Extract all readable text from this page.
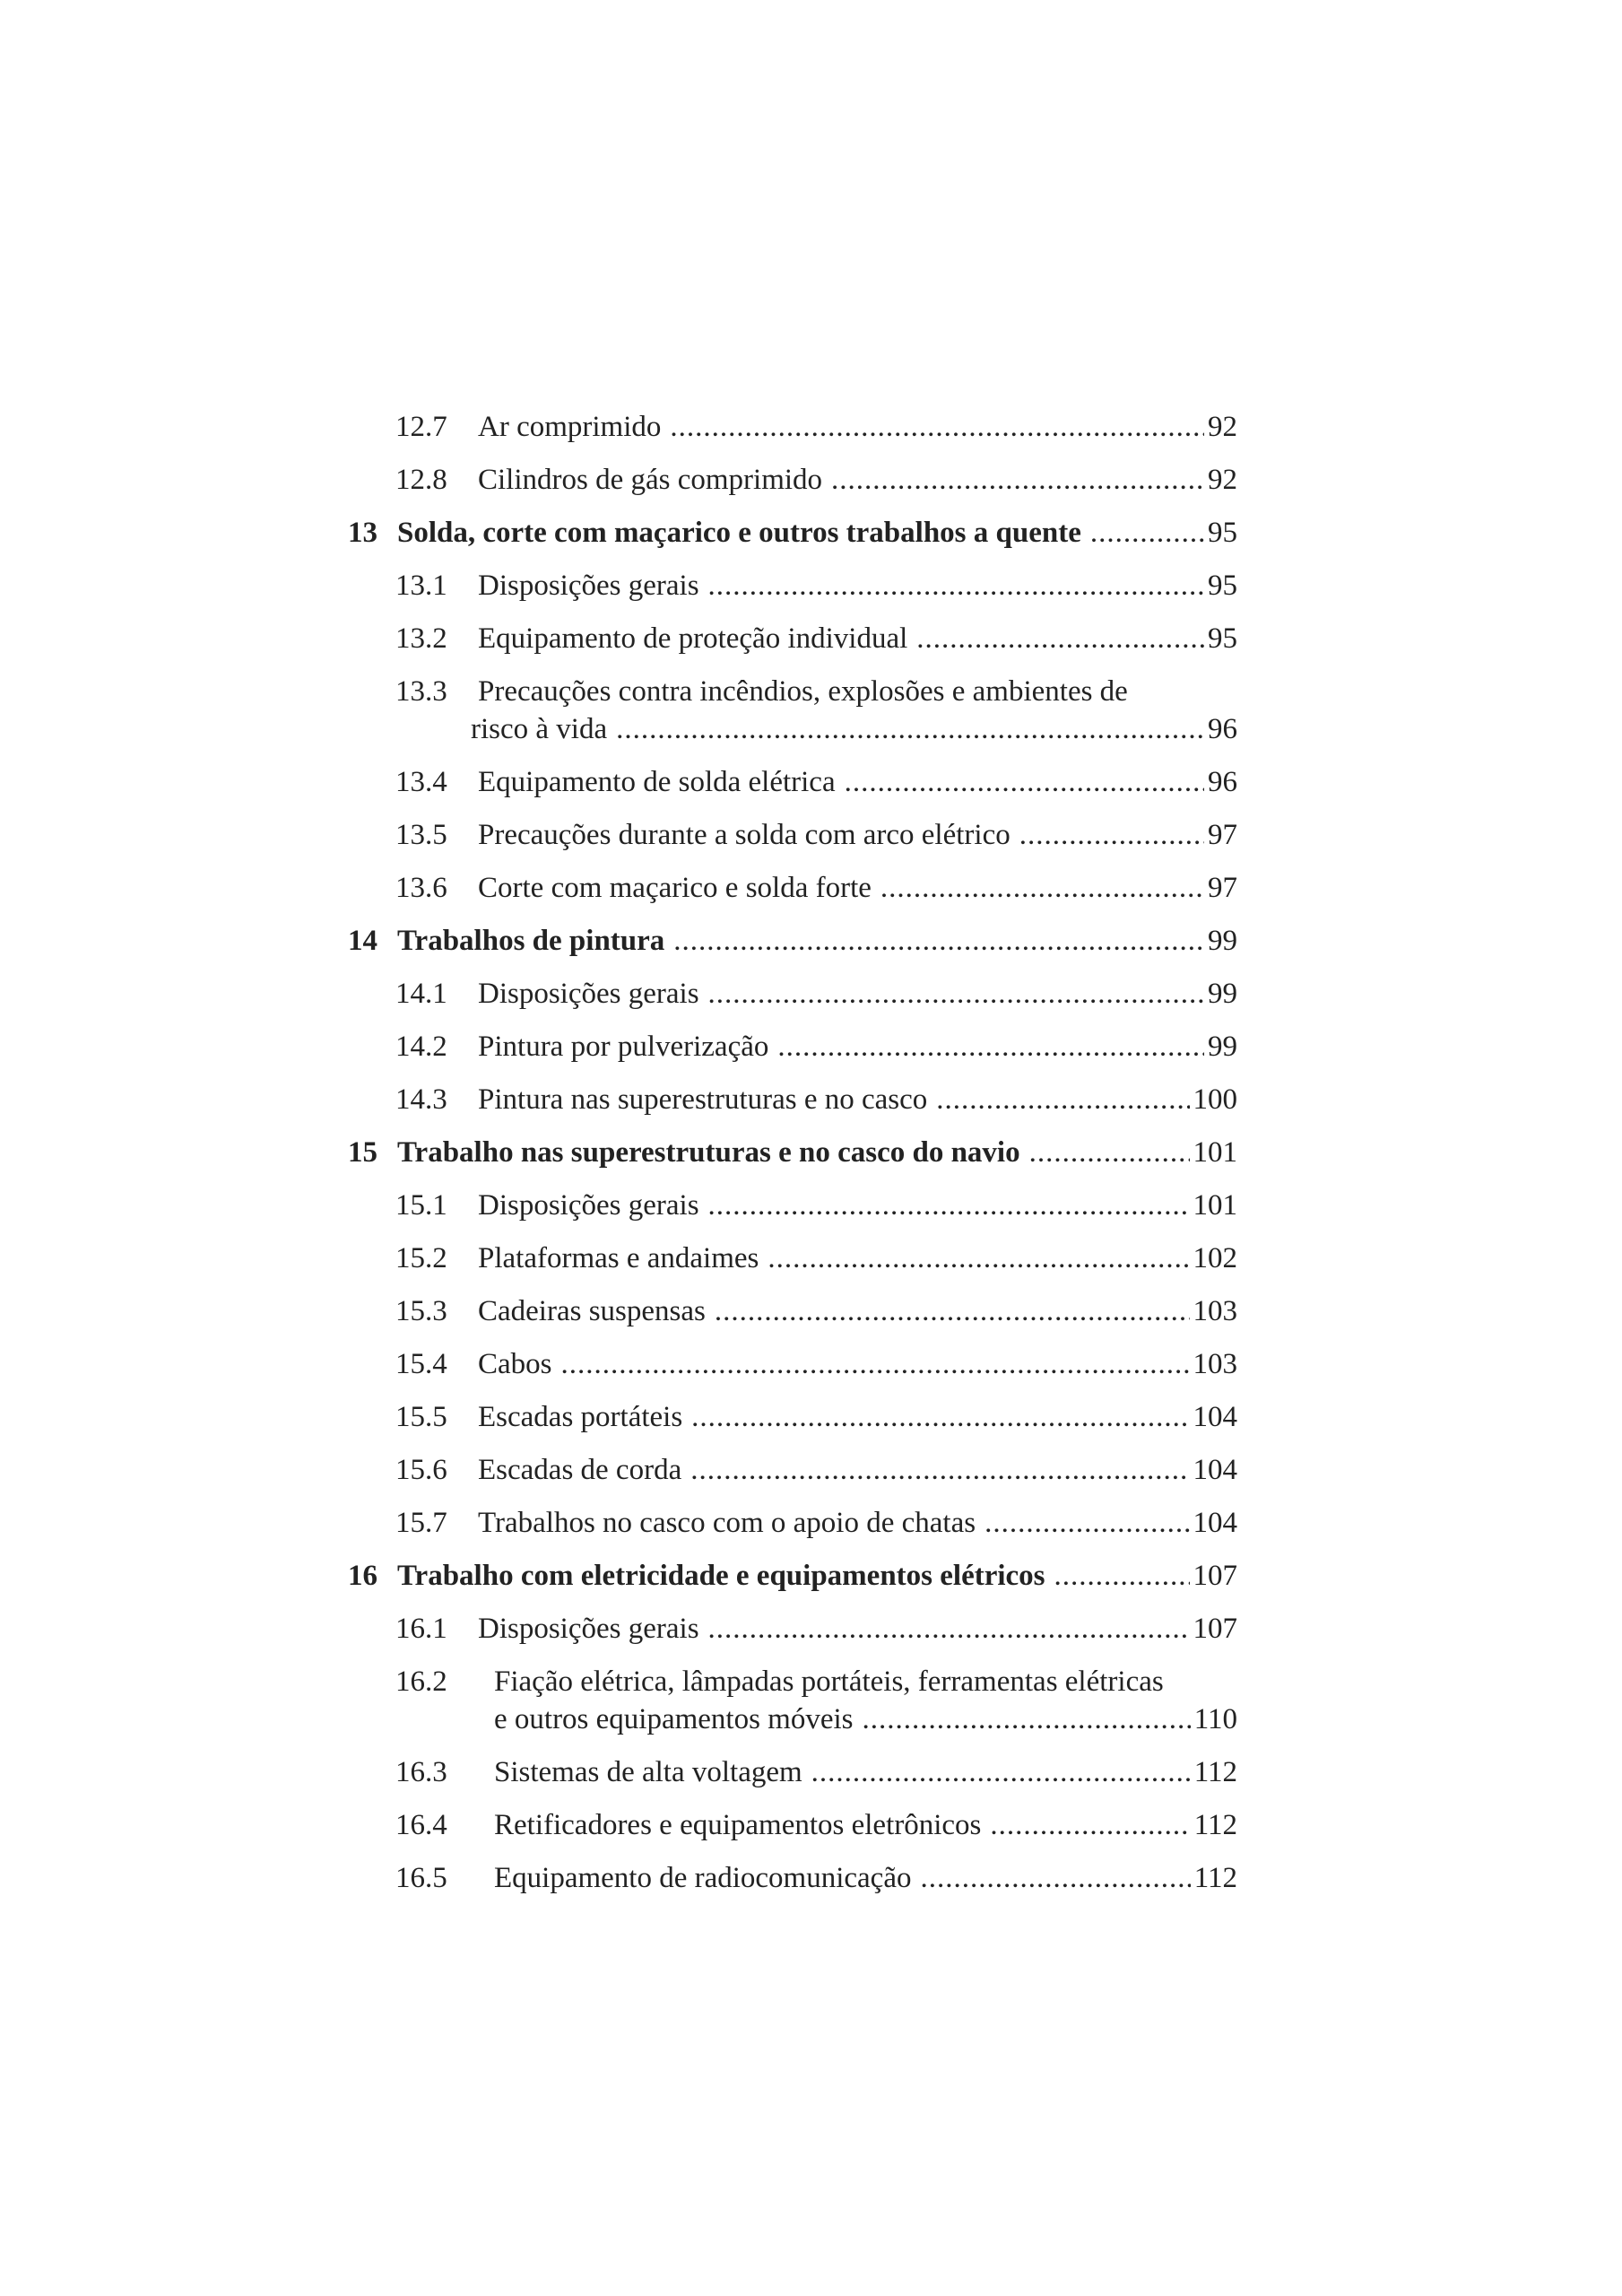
12.7 Ar comprimido .....	92
12.8 Cilindros de gás comprimido .....	92
13 Solda, corte com maçarico e outros trabalhos a quente .....	95
13.1 Disposições gerais .....	95
13.2 Equipamento de proteção individual .....	95
13.3 Precauções contra incêndios, explosões e ambientes de
risco à vida .....	96
13.4 Equipamento de solda elétrica .....	96
13.5 Precauções durante a solda com arco elétrico .....	97
13.6 Corte com maçarico e solda forte .....	97
14 Trabalhos de pintura .....	99
14.1 Disposições gerais .....	99
14.2 Pintura por pulverização .....	99
14.3 Pintura nas superestruturas e no casco .....	100
15 Trabalho nas superestruturas e no casco do navio .....	101
15.1 Disposições gerais .....	101
15.2 Plataformas e andaimes .....	102
15.3 Cadeiras suspensas .....	103
15.4 Cabos .....	103
15.5 Escadas portáteis .....	104
15.6 Escadas de corda .....	104
15.7 Trabalhos no casco com o apoio de chatas .....	104
16 Trabalho com eletricidade e equipamentos elétricos .....	107
16.1 Disposições gerais .....	107
16.2 Fiação elétrica, lâmpadas portáteis, ferramentas elétricas
e outros equipamentos móveis .....	110
16.3 Sistemas de alta voltagem .....	112
16.4 Retificadores e equipamentos eletrônicos .....	112
16.5 Equipamento de radiocomunicação .....	112
